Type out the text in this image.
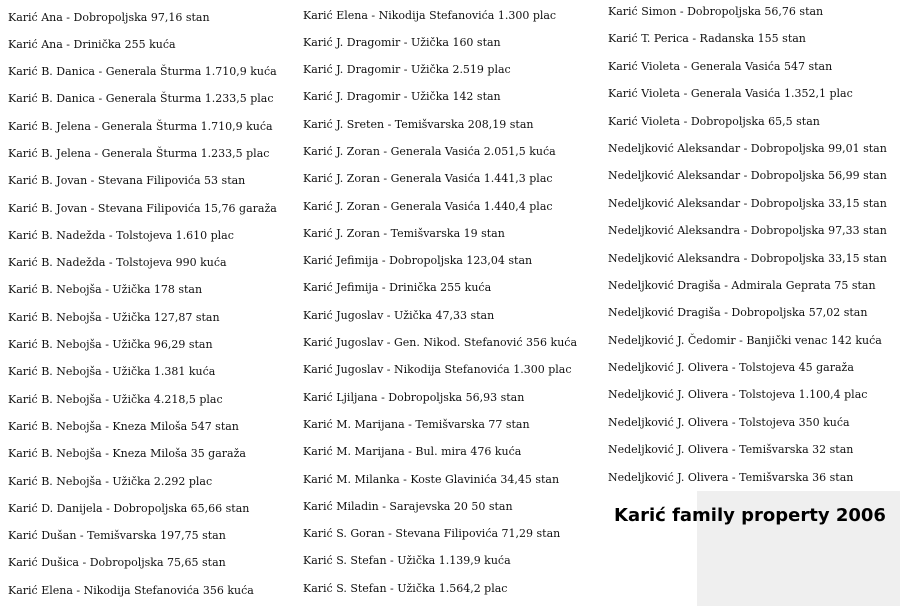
Karić Ana - Dobropoljska 97,16 stan
Karić Ana - Drinička 255 kuća
Karić B. Danica - Generala Šturma 1.710,9 kuća
Karić B. Danica - Generala Šturma 1.233,5 plac
Karić B. Jelena - Generala Šturma 1.710,9 kuća
Karić B. Jelena - Generala Šturma 1.233,5 plac
Karić B. Jovan - Stevana Filipovića 53 stan
Karić B. Jovan - Stevana Filipovića 15,76 garaža
Karić B. Nadežda - Tolstojeva 1.610 plac
Karić B. Nadežda - Tolstojeva 990 kuća
Karić B. Nebojša - Užička 178 stan
Karić B. Nebojša - Užička 127,87 stan
Karić B. Nebojša - Užička 96,29 stan
Karić B. Nebojša - Užička 1.381 kuća
Karić B. Nebojša - Užička 4.218,5 plac
Karić B. Nebojša - Kneza Miloša 547 stan
Karić B. Nebojša - Kneza Miloša 35 garaža
Karić B. Nebojša - Užička 2.292 plac
Karić D. Danijela - Dobropoljska 65,66 stan
Karić Dušan - Temišvarska 197,75 stan
Karić Dušica - Dobropoljska 75,65 stan
Karić Elena - Nikodija Stefanovića 356 kuća
Karić Elena - Nikodija Stefanovića 1.300 plac
Karić J. Dragomir - Užička 160 stan
Karić J. Dragomir - Užička 2.519 plac
Karić J. Dragomir - Užička 142 stan
Karić J. Sreten - Temišvarska 208,19 stan
Karić J. Zoran - Generala Vasića 2.051,5 kuća
Karić J. Zoran - Generala Vasića 1.441,3 plac
Karić J. Zoran - Generala Vasića 1.440,4 plac
Karić J. Zoran - Temišvarska 19 stan
Karić Jefimija - Dobropoljska 123,04 stan
Karić Jefimija - Drinička 255 kuća
Karić Jugoslav - Užička 47,33 stan
Karić Jugoslav - Gen. Nikod. Stefanović 356 kuća
Karić Jugoslav - Nikodija Stefanovića 1.300 plac
Karić Ljiljana - Dobropoljska 56,93 stan
Karić M. Marijana - Temišvarska 77 stan
Karić M. Marijana - Bul. mira 476 kuća
Karić M. Milanka - Koste Glavinića 34,45 stan
Karić Miladin - Sarajevska 20 50 stan
Karić S. Goran - Stevana Filipovića 71,29 stan
Karić S. Stefan - Užička 1.139,9 kuća
Karić S. Stefan - Užička 1.564,2 plac
Karić Simon - Dobropoljska 56,76 stan
Karić T. Perica - Radanska 155 stan
Karić Violeta - Generala Vasića 547 stan
Karić Violeta - Generala Vasića 1.352,1 plac
Karić Violeta - Dobropoljska 65,5 stan
Nedeljković Aleksandar - Dobropoljska 99,01 stan
Nedeljković Aleksandar - Dobropoljska 56,99 stan
Nedeljković Aleksandar - Dobropoljska 33,15 stan
Nedeljković Aleksandra - Dobropoljska 97,33 stan
Nedeljković Aleksandra - Dobropoljska 33,15 stan
Nedeljković Dragiša - Admirala Geprata 75 stan
Nedeljković Dragiša - Dobropoljska 57,02 stan
Nedeljković J. Čedomir - Banjički venac 142 kuća
Nedeljković J. Olivera - Tolstojeva 45 garaža
Nedeljković J. Olivera - Tolstojeva 1.100,4 plac
Nedeljković J. Olivera - Tolstojeva 350 kuća
Nedeljković J. Olivera - Temišvarska 32 stan
Nedeljković J. Olivera - Temišvarska 36 stan
Karić family property 2006
